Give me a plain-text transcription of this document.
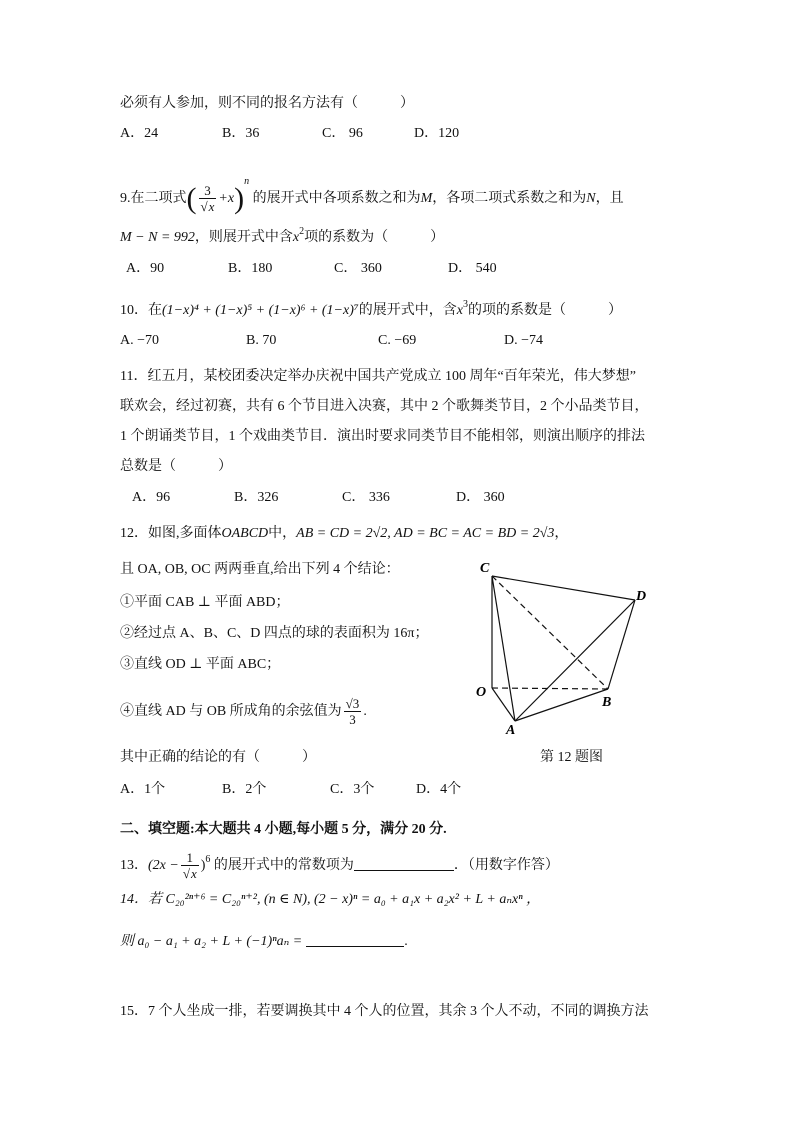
必须有人参加，则不同的报名方法有（　　　）
A．24	B．36	C． 96	D．120
9.在二项式( $\frac{3}{√x} +x)^n$ 的展开式中各项系数之和为M，各项二项式系数之和为N，且
M − N = 992，则展开式中含$x^2$项的系数为（　　　）
A．90	B．180	C． 360	D． 540
10．在(1−x)⁴ + (1−x)⁵ + (1−x)⁶ + (1−x)⁷的展开式中，含$x^3$的项的系数是（　　　）
A. −70	B. 70	C. −69	D. −74
11．红五月，某校团委决定举办庆祝中国共产党成立 100 周年“百年荣光，伟大梦想”
联欢会，经过初赛，共有 6 个节目进入决赛，其中 2 个歌舞类节目，2 个小品类节目，
1 个朗诵类节目，1 个戏曲类节目．演出时要求同类节目不能相邻，则演出顺序的排法
总数是（　　　）
A．96	B．326	C． 336	D． 360
12．如图,多面体OABCD中，AB = CD = 2√2, AD = BC = AC = BD = 2√3，
且 OA, OB, OC 两两垂直,给出下列 4 个结论：
①平面 CAB ⊥ 平面 ABD；
②经过点 A、B、C、D 四点的球的表面积为 16π；
③直线 OD ⊥ 平面 ABC；
④直线 AD 与 OB 所成角的余弦值为 $\frac{√3}{3}$ .
其中正确的结论的有（　　　）	第 12 题图
A．1个	B．2个	C．3个	D．4个
C
D
O
B
A
二、填空题:本大题共 4 小题,每小题 5 分，满分 20 分.
13．$(2x - \frac{1}{√x} )^6$ 的展开式中的常数项为	．（用数字作答）
14．若 C₂₀²ⁿ⁺⁶ = C₂₀ⁿ⁺², (n ∈ N), (2 − x)ⁿ = a₀ + a₁x + a₂x² + L + aₙxⁿ ，
则 a₀ − a₁ + a₂ + L + (−1)ⁿaₙ =	.
15．7 个人坐成一排，若要调换其中 4 个人的位置，其余 3 个人不动，不同的调换方法
